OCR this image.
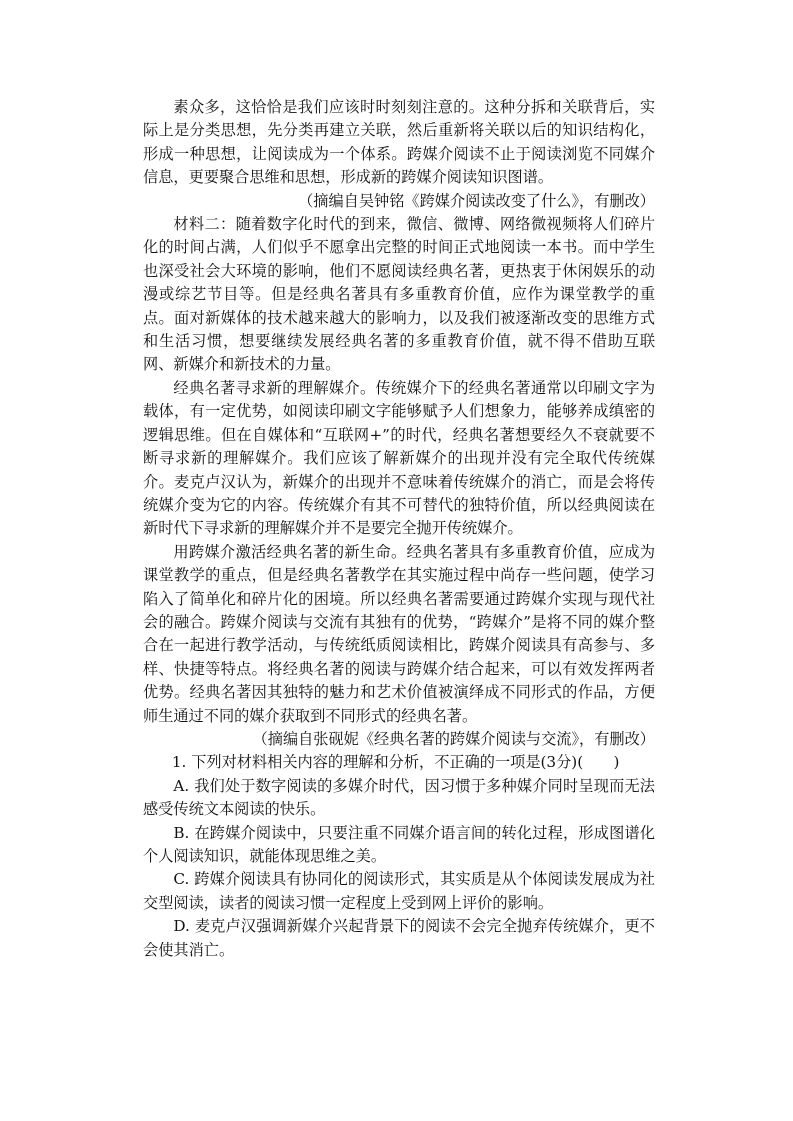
素众多，这恰恰是我们应该时时刻刻注意的。这种分拆和关联背后，实际上是分类思想，先分类再建立关联，然后重新将关联以后的知识结构化，形成一种思想，让阅读成为一个体系。跨媒介阅读不止于阅读浏览不同媒介信息，更要聚合思维和思想，形成新的跨媒介阅读知识图谱。

（摘编自吴钟铭《跨媒介阅读改变了什么》，有删改）

材料二：随着数字化时代的到来，微信、微博、网络微视频将人们碎片化的时间占满，人们似乎不愿拿出完整的时间正式地阅读一本书。而中学生也深受社会大环境的影响，他们不愿阅读经典名著，更热衷于休闲娱乐的动漫或综艺节目等。但是经典名著具有多重教育价值，应作为课堂教学的重点。面对新媒体的技术越来越大的影响力，以及我们被逐渐改变的思维方式和生活习惯，想要继续发展经典名著的多重教育价值，就不得不借助互联网、新媒介和新技术的力量。

经典名著寻求新的理解媒介。传统媒介下的经典名著通常以印刷文字为载体，有一定优势，如阅读印刷文字能够赋予人们想象力，能够养成缜密的逻辑思维。但在自媒体和“互联网+”的时代，经典名著想要经久不衰就要不断寻求新的理解媒介。我们应该了解新媒介的出现并没有完全取代传统媒介。麦克卢汉认为，新媒介的出现并不意味着传统媒介的消亡，而是会将传统媒介变为它的内容。传统媒介有其不可替代的独特价值，所以经典阅读在新时代下寻求新的理解媒介并不是要完全抛开传统媒介。

用跨媒介激活经典名著的新生命。经典名著具有多重教育价值，应成为课堂教学的重点，但是经典名著教学在其实施过程中尚存一些问题，使学习陷入了简单化和碎片化的困境。所以经典名著需要通过跨媒介实现与现代社会的融合。跨媒介阅读与交流有其独有的优势，“跨媒介”是将不同的媒介整合在一起进行教学活动，与传统纸质阅读相比，跨媒介阅读具有高参与、多样、快捷等特点。将经典名著的阅读与跨媒介结合起来，可以有效发挥两者优势。经典名著因其独特的魅力和艺术价值被演绎成不同形式的作品，方便师生通过不同的媒介获取到不同形式的经典名著。

（摘编自张砚妮《经典名著的跨媒介阅读与交流》，有删改）

1. 下列对材料相关内容的理解和分析，不正确的一项是(3分)(　　)

A. 我们处于数字阅读的多媒介时代，因习惯于多种媒介同时呈现而无法感受传统文本阅读的快乐。

B. 在跨媒介阅读中，只要注重不同媒介语言间的转化过程，形成图谱化个人阅读知识，就能体现思维之美。

C. 跨媒介阅读具有协同化的阅读形式，其实质是从个体阅读发展成为社交型阅读，读者的阅读习惯一定程度上受到网上评价的影响。

D. 麦克卢汉强调新媒介兴起背景下的阅读不会完全抛弃传统媒介，更不会使其消亡。
